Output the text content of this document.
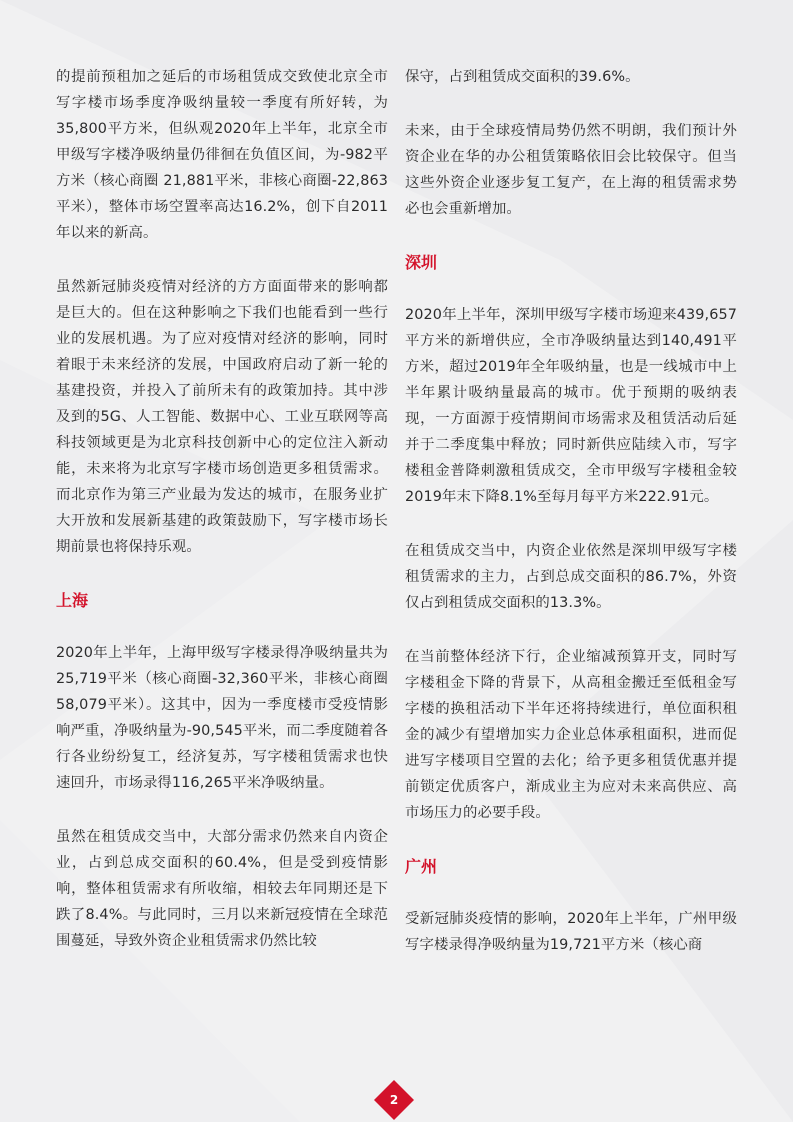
的提前预租加之延后的市场租赁成交致使北京全市写字楼市场季度净吸纳量较一季度有所好转，为35,800平方米，但纵观2020年上半年，北京全市甲级写字楼净吸纳量仍徘徊在负值区间，为-982平方米（核心商圈 21,881平米，非核心商圈-22,863平米），整体市场空置率高达16.2%，创下自2011年以来的新高。

虽然新冠肺炎疫情对经济的方方面面带来的影响都是巨大的。但在这种影响之下我们也能看到一些行业的发展机遇。为了应对疫情对经济的影响，同时着眼于未来经济的发展，中国政府启动了新一轮的基建投资，并投入了前所未有的政策加持。其中涉及到的5G、人工智能、数据中心、工业互联网等高科技领域更是为北京科技创新中心的定位注入新动能，未来将为北京写字楼市场创造更多租赁需求。而北京作为第三产业最为发达的城市，在服务业扩大开放和发展新基建的政策鼓励下，写字楼市场长期前景也将保持乐观。

上海

2020年上半年，上海甲级写字楼录得净吸纳量共为25,719平米（核心商圈-32,360平米，非核心商圈58,079平米）。这其中，因为一季度楼市受疫情影响严重，净吸纳量为-90,545平米，而二季度随着各行各业纷纷复工，经济复苏，写字楼租赁需求也快速回升，市场录得116,265平米净吸纳量。

虽然在租赁成交当中，大部分需求仍然来自内资企业，占到总成交面积的60.4%，但是受到疫情影响，整体租赁需求有所收缩，相较去年同期还是下跌了8.4%。与此同时，三月以来新冠疫情在全球范围蔓延，导致外资企业租赁需求仍然比较

保守，占到租赁成交面积的39.6%。

未来，由于全球疫情局势仍然不明朗，我们预计外资企业在华的办公租赁策略依旧会比较保守。但当这些外资企业逐步复工复产，在上海的租赁需求势必也会重新增加。

深圳

2020年上半年，深圳甲级写字楼市场迎来439,657平方米的新增供应，全市净吸纳量达到140,491平方米，超过2019年全年吸纳量，也是一线城市中上半年累计吸纳量最高的城市。优于预期的吸纳表现，一方面源于疫情期间市场需求及租赁活动后延并于二季度集中释放；同时新供应陆续入市，写字楼租金普降刺激租赁成交，全市甲级写字楼租金较2019年末下降8.1%至每月每平方米222.91元。

在租赁成交当中，内资企业依然是深圳甲级写字楼租赁需求的主力，占到总成交面积的86.7%，外资仅占到租赁成交面积的13.3%。

在当前整体经济下行，企业缩减预算开支，同时写字楼租金下降的背景下，从高租金搬迁至低租金写字楼的换租活动下半年还将持续进行，单位面积租金的减少有望增加实力企业总体承租面积，进而促进写字楼项目空置的去化；给予更多租赁优惠并提前锁定优质客户，渐成业主为应对未来高供应、高市场压力的必要手段。

广州

受新冠肺炎疫情的影响，2020年上半年，广州甲级写字楼录得净吸纳量为19,721平方米（核心商

2
